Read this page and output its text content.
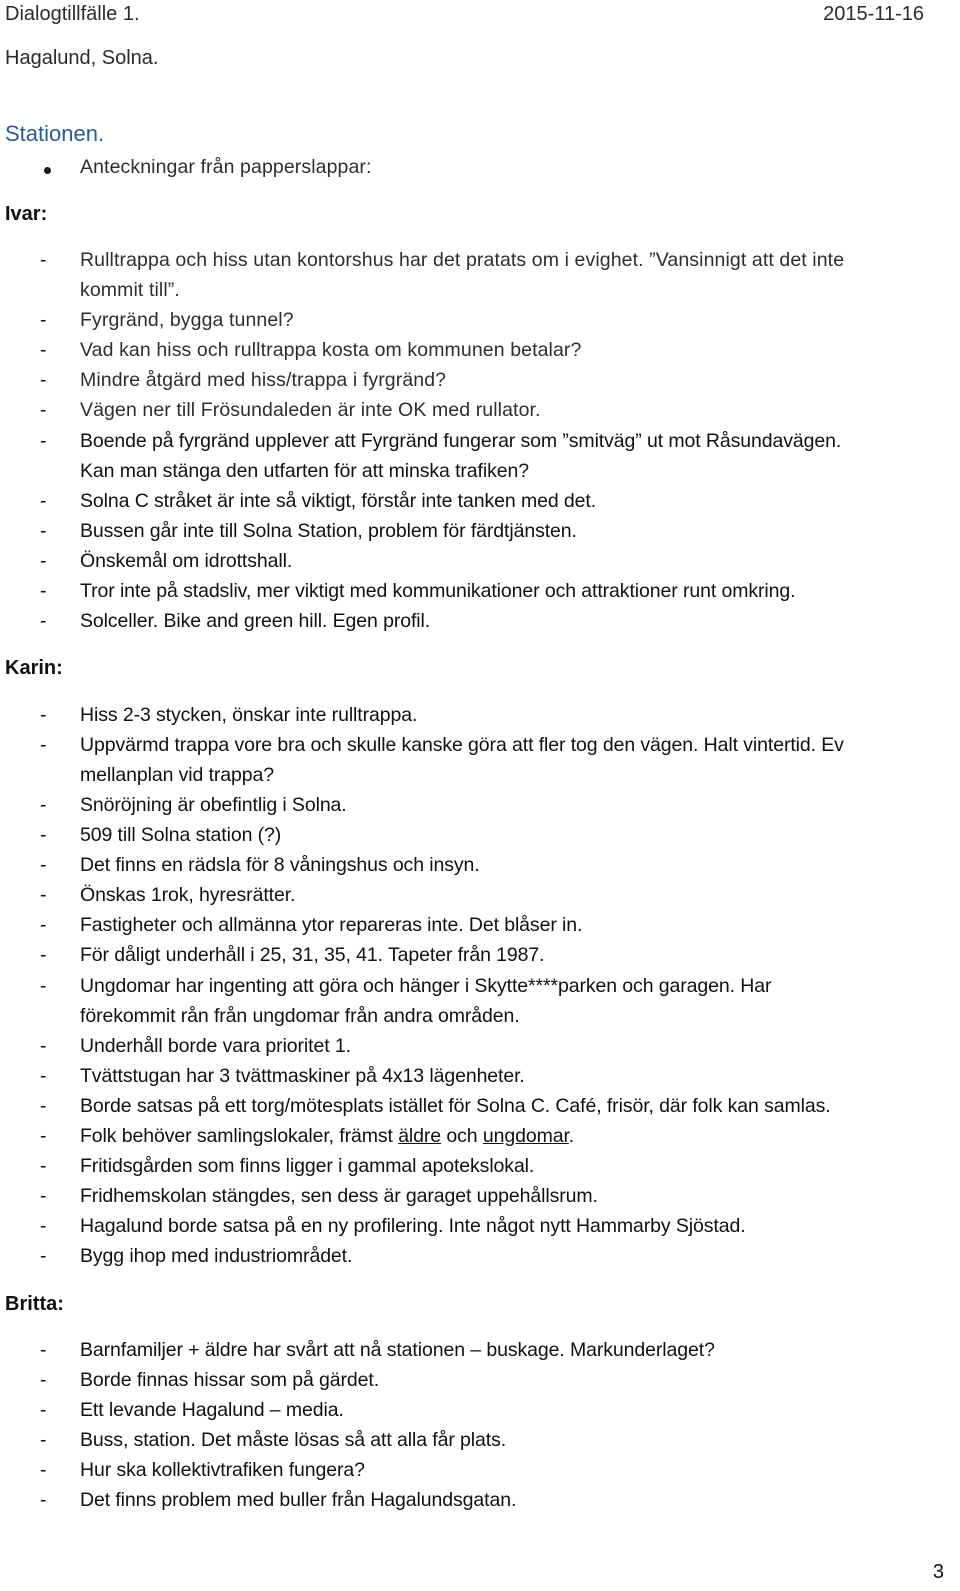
Dialogtillfälle 1.	2015-11-16
Hagalund, Solna.
Stationen.
Anteckningar från papperslappar:
Ivar:
Karin:
Britta:
- Rulltrappa och hiss utan kontorshus har det pratats om i evighet. ”Vansinnigt att det inte
kommit till”.
- Fyrgränd, bygga tunnel?
- Vad kan hiss och rulltrappa kosta om kommunen betalar?
- Mindre åtgärd med hiss/trappa i fyrgränd?
- Vägen ner till Frösundaleden är inte OK med rullator.
- Boende på fyrgränd upplever att Fyrgränd fungerar som ”smitväg” ut mot Råsundavägen.
Kan man stänga den utfarten för att minska trafiken?
- Solna C stråket är inte så viktigt, förstår inte tanken med det.
- Bussen går inte till Solna Station, problem för färdtjänsten.
- Önskemål om idrottshall.
- Tror inte på stadsliv, mer viktigt med kommunikationer och attraktioner runt omkring.
- Solceller. Bike and green hill. Egen profil.
- Hiss 2-3 stycken, önskar inte rulltrappa.
- Uppvärmd trappa vore bra och skulle kanske göra att fler tog den vägen. Halt vintertid. Ev
mellanplan vid trappa?
- Snöröjning är obefintlig i Solna.
- 509 till Solna station (?)
- Det finns en rädsla för 8 våningshus och insyn.
- Önskas 1rok, hyresrätter.
- Fastigheter och allmänna ytor repareras inte. Det blåser in.
- För dåligt underhåll i 25, 31, 35, 41. Tapeter från 1987.
- Ungdomar har ingenting att göra och hänger i Skytte****parken och garagen. Har
förekommit rån från ungdomar från andra områden.
- Underhåll borde vara prioritet 1.
- Tvättstugan har 3 tvättmaskiner på 4x13 lägenheter.
- Borde satsas på ett torg/mötesplats istället för Solna C. Café, frisör, där folk kan samlas.
- Folk behöver samlingslokaler, främst äldre och ungdomar.
- Fritidsgården som finns ligger i gammal apotekslokal.
- Fridhemskolan stängdes, sen dess är garaget uppehållsrum.
- Hagalund borde satsa på en ny profilering. Inte något nytt Hammarby Sjöstad.
- Bygg ihop med industriområdet.
- Barnfamiljer + äldre har svårt att nå stationen – buskage. Markunderlaget?
- Borde finnas hissar som på gärdet.
- Ett levande Hagalund – media.
- Buss, station. Det måste lösas så att alla får plats.
- Hur ska kollektivtrafiken fungera?
- Det finns problem med buller från Hagalundsgatan.
3
